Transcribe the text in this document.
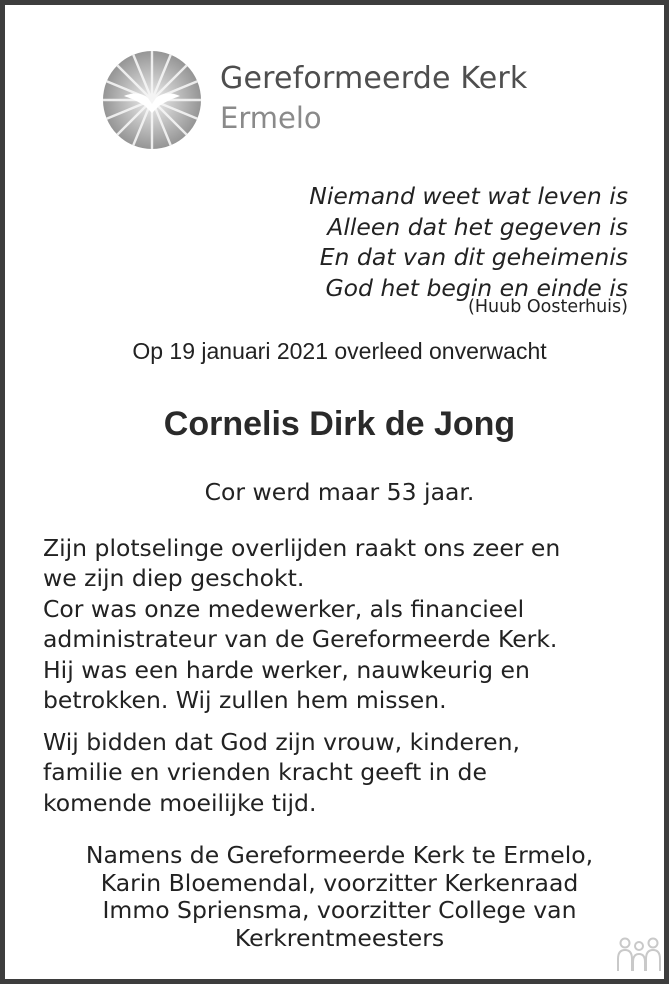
Gereformeerde Kerk
Ermelo
Niemand weet wat leven is
Alleen dat het gegeven is
En dat van dit geheimenis
God het begin en einde is
(Huub Oosterhuis)
Op 19 januari 2021 overleed onverwacht
Cornelis Dirk de Jong
Cor werd maar 53 jaar.
Zijn plotselinge overlijden raakt ons zeer en
we zijn diep geschokt.
Cor was onze medewerker, als financieel
administrateur van de Gereformeerde Kerk.
Hij was een harde werker, nauwkeurig en
betrokken. Wij zullen hem missen.
Wij bidden dat God zijn vrouw, kinderen,
familie en vrienden kracht geeft in de
komende moeilijke tijd.
Namens de Gereformeerde Kerk te Ermelo,
Karin Bloemendal, voorzitter Kerkenraad
Immo Spriensma, voorzitter College van
Kerkrentmeesters
